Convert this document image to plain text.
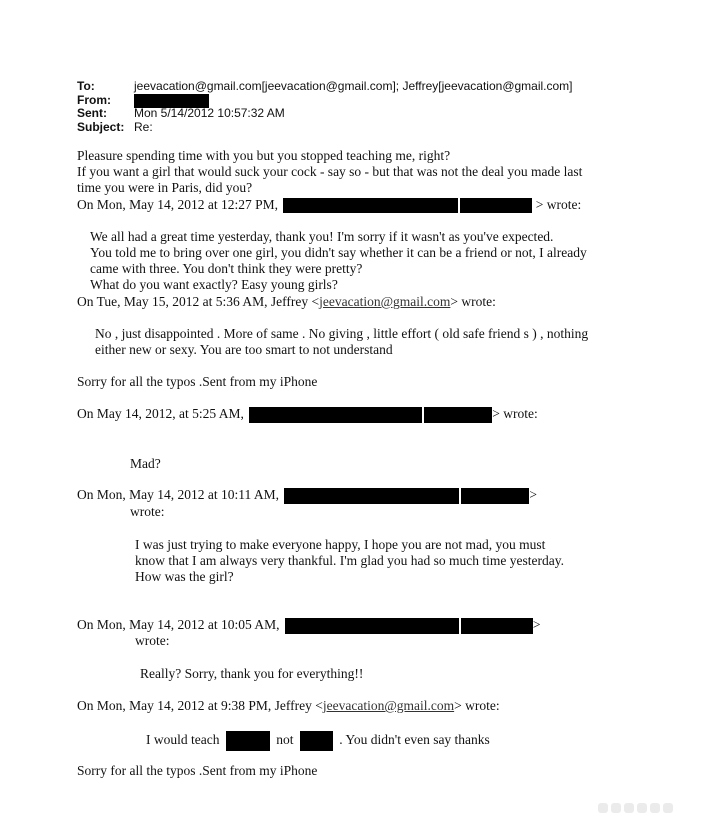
To:	jeevacation@gmail.com[jeevacation@gmail.com]; Jeffrey[jeevacation@gmail.com]
From:
Sent:	Mon 5/14/2012 10:57:32 AM
Subject: Re:
Pleasure spending time with you but you stopped teaching me, right?
If you want a girl that would suck your cock - say so - but that was not the deal you made last
time you were in Paris, did you?
On Mon, May 14, 2012 at 12:27 PM,	> wrote:
We all had a great time yesterday, thank you! I'm sorry if it wasn't as you've expected.
You told me to bring over one girl, you didn't say whether it can be a friend or not, I already
came with three. You don't think they were pretty?
What do you want exactly? Easy young girls?
On Tue, May 15, 2012 at 5:36 AM, Jeffrey <jeevacation@gmail.com> wrote:
No , just disappointed . More of same . No giving , little effort ( old safe friend s ) , nothing
either new or sexy. You are too smart to not understand
Sorry for all the typos .Sent from my iPhone
On May 14, 2012, at 5:25 AM,	> wrote:
Mad?
On Mon, May 14, 2012 at 10:11 AM,	>
wrote:
I was just trying to make everyone happy, I hope you are not mad, you must
know that I am always very thankful. I'm glad you had so much time yesterday.
How was the girl?
On Mon, May 14, 2012 at 10:05 AM,	>
wrote:
Really? Sorry, thank you for everything!!
On Mon, May 14, 2012 at 9:38 PM, Jeffrey <jeevacation@gmail.com> wrote:
I would teach	not	. You didn't even say thanks
Sorry for all the typos .Sent from my iPhone
